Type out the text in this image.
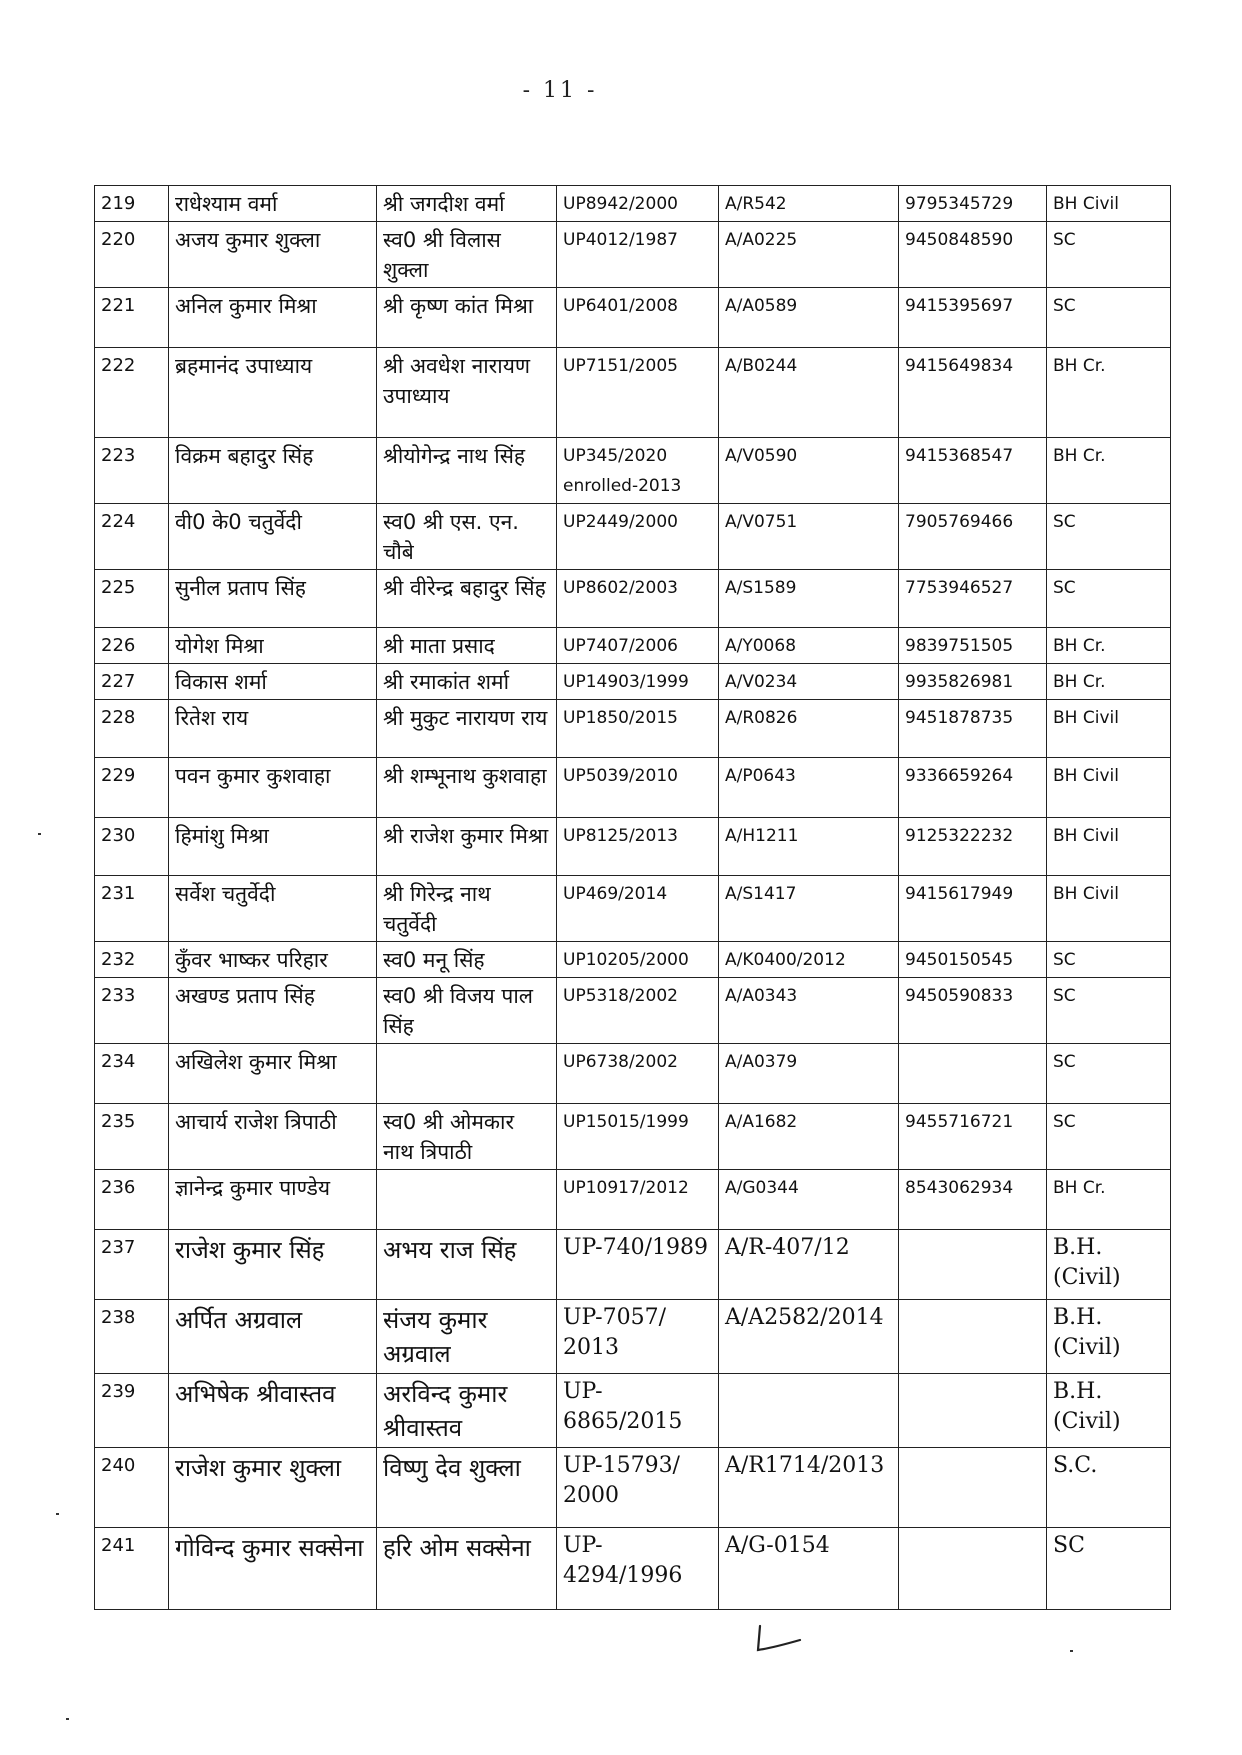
- 11 -
219	राधेश्याम वर्मा	श्री जगदीश वर्मा	UP8942/2000	A/R542	9795345729	BH Civil
220	अजय कुमार शुक्ला	स्व0 श्री विलास शुक्ला	UP4012/1987	A/A0225	9450848590	SC
221	अनिल कुमार मिश्रा	श्री कृष्ण कांत मिश्रा	UP6401/2008	A/A0589	9415395697	SC
222	ब्रहमानंद उपाध्याय	श्री अवधेश नारायण उपाध्याय	UP7151/2005	A/B0244	9415649834	BH Cr.
223	विक्रम बहादुर सिंह	श्रीयोगेन्द्र नाथ सिंह	UP345/2020 enrolled-2013	A/V0590	9415368547	BH Cr.
224	वी0 के0 चतुर्वेदी	स्व0 श्री एस. एन. चौबे	UP2449/2000	A/V0751	7905769466	SC
225	सुनील प्रताप सिंह	श्री वीरेन्द्र बहादुर सिंह	UP8602/2003	A/S1589	7753946527	SC
226	योगेश मिश्रा	श्री माता प्रसाद	UP7407/2006	A/Y0068	9839751505	BH Cr.
227	विकास शर्मा	श्री रमाकांत शर्मा	UP14903/1999	A/V0234	9935826981	BH Cr.
228	रितेश राय	श्री मुकुट नारायण राय	UP1850/2015	A/R0826	9451878735	BH Civil
229	पवन कुमार कुशवाहा	श्री शम्भूनाथ कुशवाहा	UP5039/2010	A/P0643	9336659264	BH Civil
230	हिमांशु मिश्रा	श्री राजेश कुमार मिश्रा	UP8125/2013	A/H1211	9125322232	BH Civil
231	सर्वेश चतुर्वेदी	श्री गिरेन्द्र नाथ चतुर्वेदी	UP469/2014	A/S1417	9415617949	BH Civil
232	कुँवर भाष्कर परिहार	स्व0 मनू सिंह	UP10205/2000	A/K0400/2012	9450150545	SC
233	अखण्ड प्रताप सिंह	स्व0 श्री विजय पाल सिंह	UP5318/2002	A/A0343	9450590833	SC
234	अखिलेश कुमार मिश्रा		UP6738/2002	A/A0379		SC
235	आचार्य राजेश त्रिपाठी	स्व0 श्री ओमकार नाथ त्रिपाठी	UP15015/1999	A/A1682	9455716721	SC
236	ज्ञानेन्द्र कुमार पाण्डेय		UP10917/2012	A/G0344	8543062934	BH Cr.
237	राजेश कुमार सिंह	अभय राज सिंह	UP-740/1989	A/R-407/12		B.H. (Civil)
238	अर्पित अग्रवाल	संजय कुमार अग्रवाल	UP-7057/ 2013	A/A2582/2014		B.H. (Civil)
239	अभिषेक श्रीवास्तव	अरविन्द कुमार श्रीवास्तव	UP- 6865/2015			B.H. (Civil)
240	राजेश कुमार शुक्ला	विष्णु देव शुक्ला	UP-15793/ 2000	A/R1714/2013		S.C.
241	गोविन्द कुमार सक्सेना	हरि ओम सक्सेना	UP- 4294/1996	A/G-0154		SC
